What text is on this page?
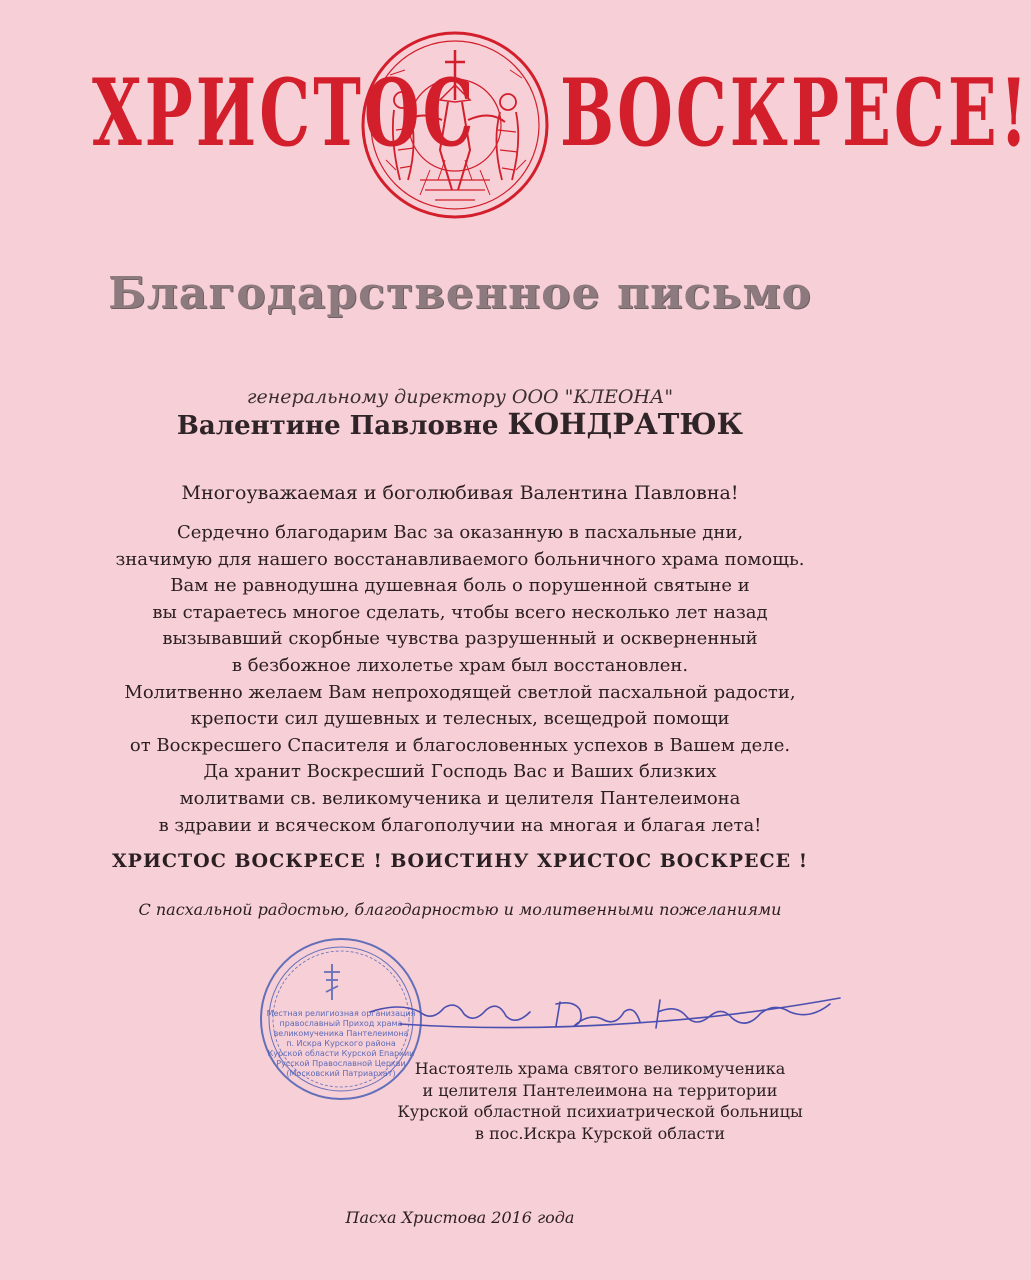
ХРИСТОС ВОСКРЕСЕ!
Благодарственное письмо
генеральному директору ООО "КЛЕОНА"
Валентине Павловне КОНДРАТЮК
Многоуважаемая и боголюбивая Валентина Павловна!
Сердечно благодарим Вас за оказанную в пасхальные дни,
значимую для нашего восстанавливаемого больничного храма помощь.
Вам не равнодушна душевная боль о порушенной святыне и
вы стараетесь многое сделать, чтобы всего несколько лет назад
вызывавший скорбные чувства разрушенный и оскверненный
в безбожное лихолетье храм был восстановлен.
Молитвенно желаем Вам непроходящей светлой пасхальной радости,
крепости сил душевных и телесных, всещедрой помощи
от Воскресшего Спасителя и благословенных успехов в Вашем деле.
Да хранит Воскресший Господь Вас и Ваших близких
молитвами св. великомученика и целителя Пантелеимона
в здравии и всяческом благополучии на многая и благая лета!
ХРИСТОС ВОСКРЕСЕ ! ВОИСТИНУ ХРИСТОС ВОСКРЕСЕ !
С пасхальной радостью, благодарностью и молитвенными пожеланиями
Местная религиозная организация
православный Приход храма
великомученика Пантелеимона
п. Искра Курского района
Курской области Курской Епархии
Русской Православной Церкви
(Московский Патриархат)	Настоятель храма святого великомученика
и целителя Пантелеимона на территории
Курской областной психиатрической больницы
в пос.Искра Курской области
Пасха Христова 2016 года
